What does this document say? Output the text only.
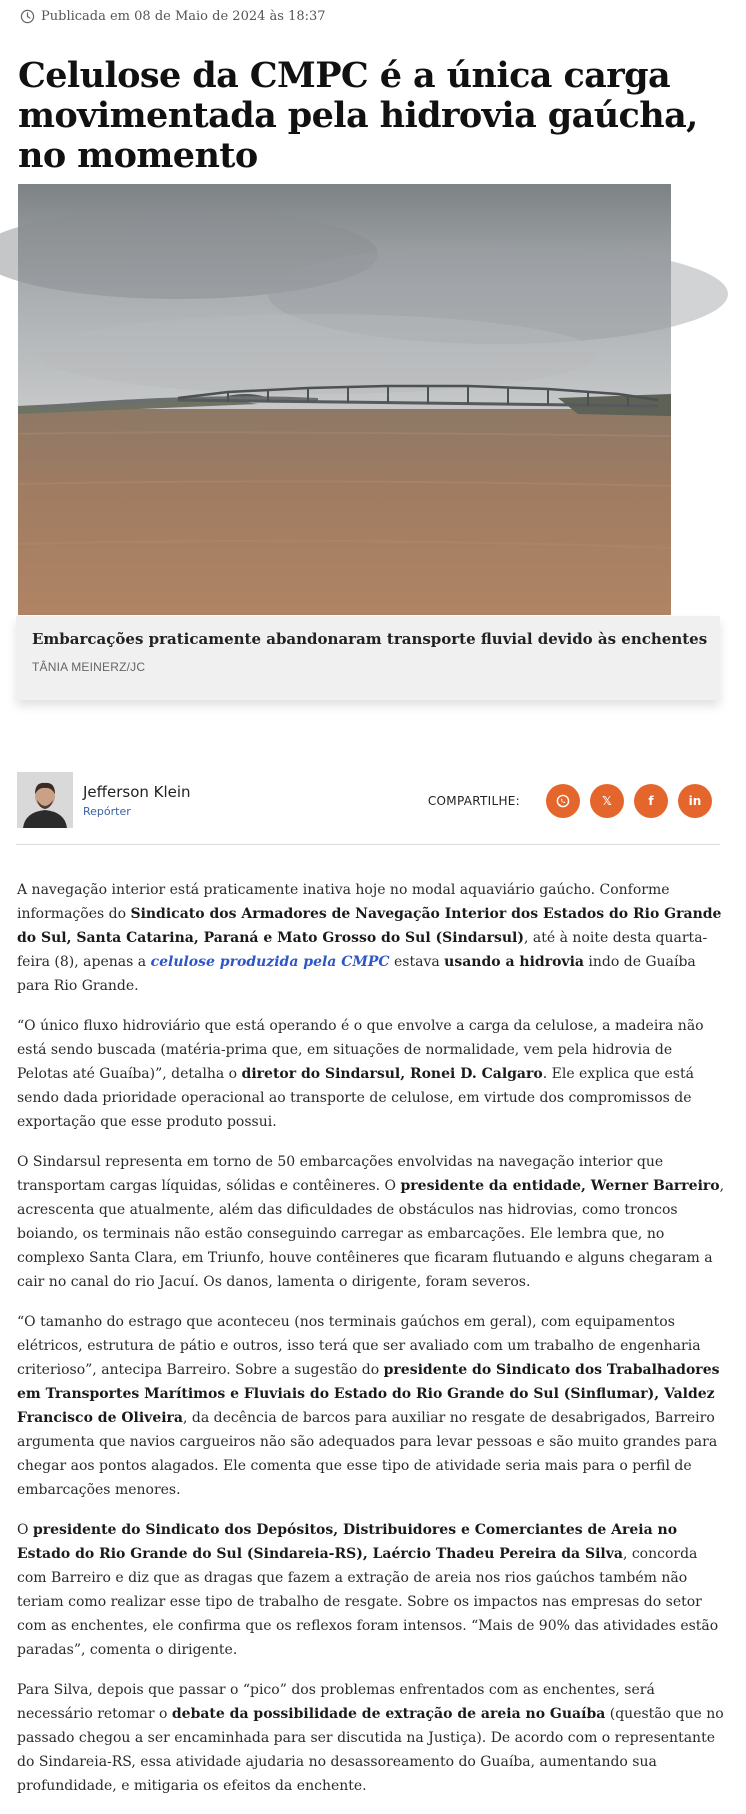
Publicada em 08 de Maio de 2024 às 18:37
Celulose da CMPC é a única carga movimentada pela hidrovia gaúcha, no momento
Embarcações praticamente abandonaram transporte fluvial devido às enchentes
TÂNIA MEINERZ/JC
Jefferson Klein
Repórter
COMPARTILHE:	𝕏	f	in

A navegação interior está praticamente inativa hoje no modal aquaviário gaúcho. Conforme informações do Sindicato dos Armadores de Navegação Interior dos Estados do Rio Grande do Sul, Santa Catarina, Paraná e Mato Grosso do Sul (Sindarsul), até à noite desta quarta-feira (8), apenas a celulose produzida pela CMPC estava usando a hidrovia indo de Guaíba para Rio Grande.

“O único fluxo hidroviário que está operando é o que envolve a carga da celulose, a madeira não está sendo buscada (matéria-prima que, em situações de normalidade, vem pela hidrovia de Pelotas até Guaíba)”, detalha o diretor do Sindarsul, Ronei D. Calgaro. Ele explica que está sendo dada prioridade operacional ao transporte de celulose, em virtude dos compromissos de exportação que esse produto possui.

O Sindarsul representa em torno de 50 embarcações envolvidas na navegação interior que transportam cargas líquidas, sólidas e contêineres. O presidente da entidade, Werner Barreiro, acrescenta que atualmente, além das dificuldades de obstáculos nas hidrovias, como troncos boiando, os terminais não estão conseguindo carregar as embarcações. Ele lembra que, no complexo Santa Clara, em Triunfo, houve contêineres que ficaram flutuando e alguns chegaram a cair no canal do rio Jacuí. Os danos, lamenta o dirigente, foram severos.

“O tamanho do estrago que aconteceu (nos terminais gaúchos em geral), com equipamentos elétricos, estrutura de pátio e outros, isso terá que ser avaliado com um trabalho de engenharia criterioso”, antecipa Barreiro. Sobre a sugestão do presidente do Sindicato dos Trabalhadores em Transportes Marítimos e Fluviais do Estado do Rio Grande do Sul (Sinflumar), Valdez Francisco de Oliveira, da decência de barcos para auxiliar no resgate de desabrigados, Barreiro argumenta que navios cargueiros não são adequados para levar pessoas e são muito grandes para chegar aos pontos alagados. Ele comenta que esse tipo de atividade seria mais para o perfil de embarcações menores.

O presidente do Sindicato dos Depósitos, Distribuidores e Comerciantes de Areia no Estado do Rio Grande do Sul (Sindareia-RS), Laércio Thadeu Pereira da Silva, concorda com Barreiro e diz que as dragas que fazem a extração de areia nos rios gaúchos também não teriam como realizar esse tipo de trabalho de resgate. Sobre os impactos nas empresas do setor com as enchentes, ele confirma que os reflexos foram intensos. “Mais de 90% das atividades estão paradas”, comenta o dirigente.

Para Silva, depois que passar o “pico” dos problemas enfrentados com as enchentes, será necessário retomar o debate da possibilidade de extração de areia no Guaíba (questão que no passado chegou a ser encaminhada para ser discutida na Justiça). De acordo com o representante do Sindareia-RS, essa atividade ajudaria no desassoreamento do Guaíba, aumentando sua profundidade, e mitigaria os efeitos da enchente.
